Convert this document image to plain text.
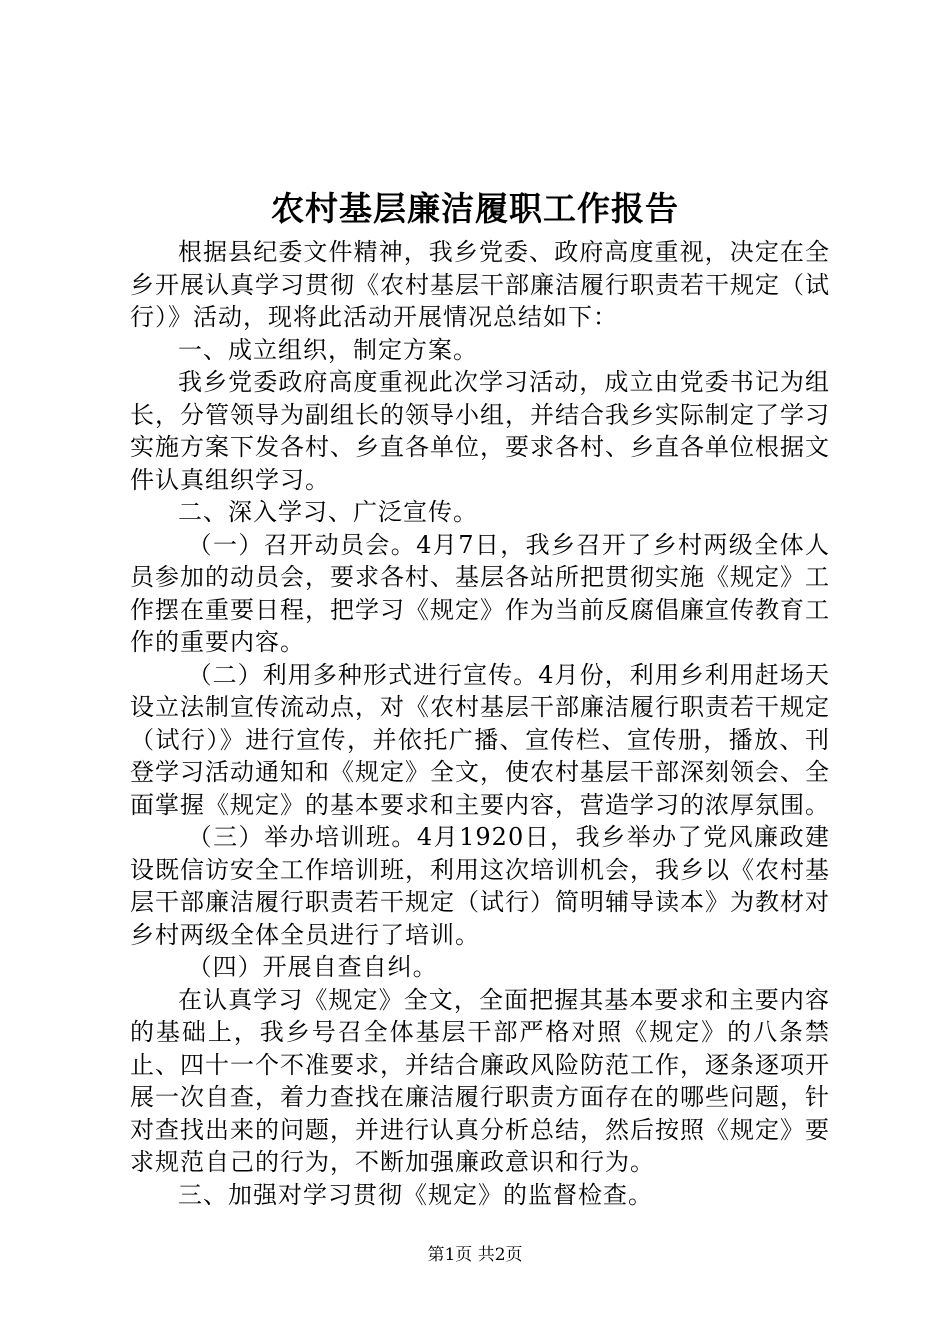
农村基层廉洁履职工作报告

根据县纪委文件精神，我乡党委、政府高度重视，决定在全乡开展认真学习贯彻《农村基层干部廉洁履行职责若干规定（试行）》活动，现将此活动开展情况总结如下：

一、成立组织，制定方案。

我乡党委政府高度重视此次学习活动，成立由党委书记为组长，分管领导为副组长的领导小组，并结合我乡实际制定了学习实施方案下发各村、乡直各单位，要求各村、乡直各单位根据文件认真组织学习。

二、深入学习、广泛宣传。

（一）召开动员会。4月7日，我乡召开了乡村两级全体人员参加的动员会，要求各村、基层各站所把贯彻实施《规定》工作摆在重要日程，把学习《规定》作为当前反腐倡廉宣传教育工作的重要内容。

（二）利用多种形式进行宣传。4月份，利用乡利用赶场天设立法制宣传流动点，对《农村基层干部廉洁履行职责若干规定（试行）》进行宣传，并依托广播、宣传栏、宣传册，播放、刊登学习活动通知和《规定》全文，使农村基层干部深刻领会、全面掌握《规定》的基本要求和主要内容，营造学习的浓厚氛围。

（三）举办培训班。4月1920日，我乡举办了党风廉政建设既信访安全工作培训班，利用这次培训机会，我乡以《农村基层干部廉洁履行职责若干规定（试行）简明辅导读本》为教材对乡村两级全体全员进行了培训。

（四）开展自查自纠。

在认真学习《规定》全文，全面把握其基本要求和主要内容的基础上，我乡号召全体基层干部严格对照《规定》的八条禁止、四十一个不准要求，并结合廉政风险防范工作，逐条逐项开展一次自查，着力查找在廉洁履行职责方面存在的哪些问题，针对查找出来的问题，并进行认真分析总结，然后按照《规定》要求规范自己的行为，不断加强廉政意识和行为。

三、加强对学习贯彻《规定》的监督检查。

第1页 共2页
